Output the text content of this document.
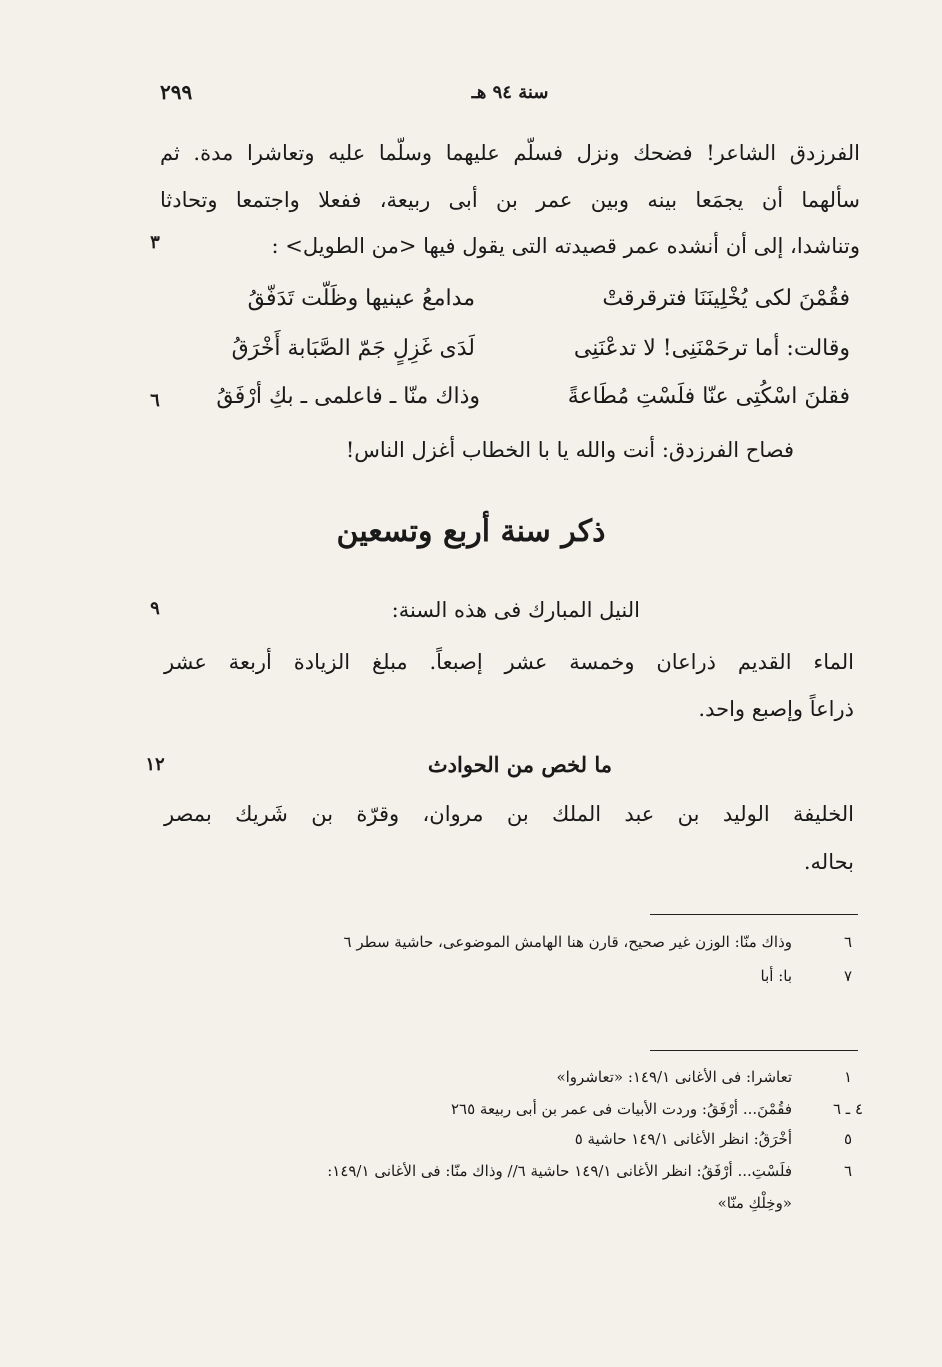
٢٩٩	سنة ٩٤ هـ
الفرزدق الشاعر! فضحك ونزل فسلّم عليهما وسلّما عليه وتعاشرا مدة. ثم
سألهما أن يجمَعا بينه وبين عمر بن أبى ربيعة، ففعلا واجتمعا وتحادثا
وتناشدا، إلى أن أنشده عمر قصيدته التى يقول فيها <من الطويل> :
٣
فقُمْنَ لكى يُخْلِينَنَا فترقرقتْ
مدامعُ عينيها وظَلّت تَدَفّقُ
وقالت: أما ترحَمْنَنِى! لا تدعْنَنِى
لَدَى غَزِلٍ جَمّ الصَّبَابة أَخْرَقُ
فقلنَ اسْكُتِى عنّا فلَسْتِ مُطَاعةً
وذاك منّا ـ فاعلمى ـ بكِ أرْفَقُ
٦
فصاح الفرزدق: أنت والله يا با الخطاب أغزل الناس!
ذكر سنة أربع وتسعين
النيل المبارك فى هذه السنة:
٩
الماء القديم ذراعان وخمسة عشر إصبعاً. مبلغ الزيادة أربعة عشر
ذراعاً وإصبع واحد.
ما لخص من الحوادث
١٢
الخليفة الوليد بن عبد الملك بن مروان، وقرّة بن شَريك بمصر
بحاله.
٦
وذاك منّا: الوزن غير صحيح، قارن هنا الهامش الموضوعى، حاشية سطر ٦
٧
با: أبا
١
تعاشرا: فى الأغانى ١٤٩/١: «تعاشروا»
٤ ـ ٦
فقُمْنَ... أرْفَقُ: وردت الأبيات فى عمر بن أبى ربيعة ٢٦٥
٥
أخْرَقُ: انظر الأغانى ١٤٩/١ حاشية ٥
٦
فلَسْتِ... أرْفَقُ: انظر الأغانى ١٤٩/١ حاشية ٦// وذاك منّا: فى الأغانى ١٤٩/١:
«وخِلْكِ منّا»
